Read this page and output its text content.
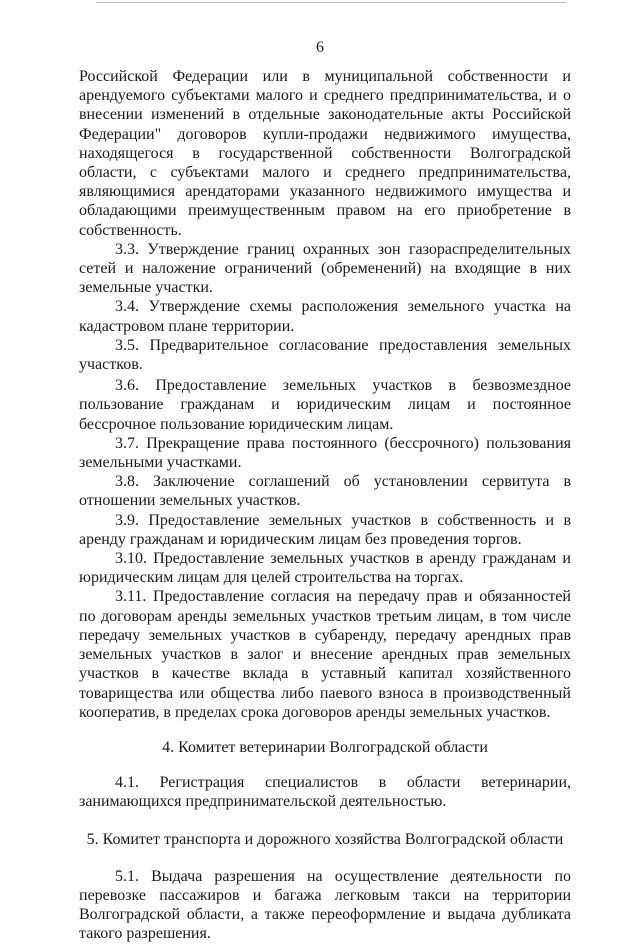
6

Российской Федерации или в муниципальной собственности и арендуемого субъектами малого и среднего предпринимательства, и о внесении изменений в отдельные законодательные акты Российской Федерации" договоров купли-продажи недвижимого имущества, находящегося в государственной собственности Волгоградской области, с субъектами малого и среднего предпринимательства, являющимися арендаторами указанного недвижимого имущества и обладающими преимущественным правом на его приобретение в собственность.

3.3. Утверждение границ охранных зон газораспределительных сетей и наложение ограничений (обременений) на входящие в них земельные участки.

3.4. Утверждение схемы расположения земельного участка на кадастровом плане территории.

3.5. Предварительное согласование предоставления земельных участков.

3.6. Предоставление земельных участков в безвозмездное пользование гражданам и юридическим лицам и постоянное бессрочное пользование юридическим лицам.

3.7. Прекращение права постоянного (бессрочного) пользования земельными участками.

3.8. Заключение соглашений об установлении сервитута в отношении земельных участков.

3.9. Предоставление земельных участков в собственность и в аренду гражданам и юридическим лицам без проведения торгов.

3.10. Предоставление земельных участков в аренду гражданам и юридическим лицам для целей строительства на торгах.

3.11. Предоставление согласия на передачу прав и обязанностей по договорам аренды земельных участков третьим лицам, в том числе передачу земельных участков в субаренду, передачу арендных прав земельных участков в залог и внесение арендных прав земельных участков в качестве вклада в уставный капитал хозяйственного товарищества или общества либо паевого взноса в производственный кооператив, в пределах срока договоров аренды земельных участков.

4. Комитет ветеринарии Волгоградской области

4.1. Регистрация специалистов в области ветеринарии, занимающихся предпринимательской деятельностью.

5. Комитет транспорта и дорожного хозяйства Волгоградской области

5.1. Выдача разрешения на осуществление деятельности по перевозке пассажиров и багажа легковым такси на территории Волгоградской области, а также переоформление и выдача дубликата такого разрешения.
